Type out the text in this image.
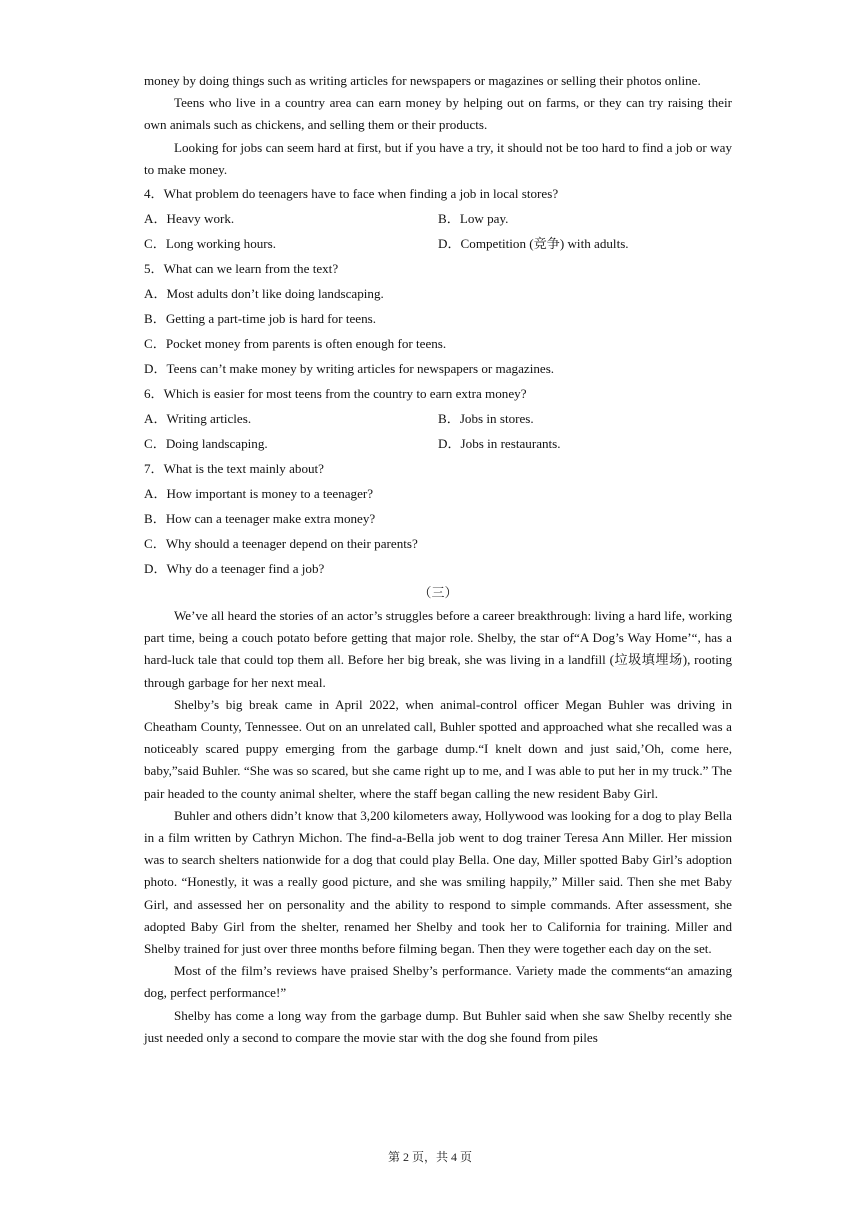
money by doing things such as writing articles for newspapers or magazines or selling their photos online.

Teens who live in a country area can earn money by helping out on farms, or they can try raising their own animals such as chickens, and selling them or their products.

Looking for jobs can seem hard at first, but if you have a try, it should not be too hard to find a job or way to make money.

4．What problem do teenagers have to face when finding a job in local stores?

A．Heavy work.	B．Low pay.
C．Long working hours.	D．Competition (竞争) with adults.

5．What can we learn from the text?

A．Most adults don’t like doing landscaping.

B．Getting a part-time job is hard for teens.

C．Pocket money from parents is often enough for teens.

D．Teens can’t make money by writing articles for newspapers or magazines.

6．Which is easier for most teens from the country to earn extra money?

A．Writing articles.	B．Jobs in stores.
C．Doing landscaping.	D．Jobs in restaurants.

7．What is the text mainly about?

A．How important is money to a teenager?

B．How can a teenager make extra money?

C．Why should a teenager depend on their parents?

D．Why do a teenager find a job?

（三）

We’ve all heard the stories of an actor’s struggles before a career breakthrough: living a hard life, working part time, being a couch potato before getting that major role. Shelby, the star of“A Dog’s Way Home’“, has a hard-luck tale that could top them all. Before her big break, she was living in a landfill (垃圾填埋场), rooting through garbage for her next meal.

Shelby’s big break came in April 2022, when animal-control officer Megan Buhler was driving in Cheatham County, Tennessee. Out on an unrelated call, Buhler spotted and approached what she recalled was a noticeably scared puppy emerging from the garbage dump.“I knelt down and just said,’Oh, come here, baby,”said Buhler. “She was so scared, but she came right up to me, and I was able to put her in my truck.” The pair headed to the county animal shelter, where the staff began calling the new resident Baby Girl.

Buhler and others didn’t know that 3,200 kilometers away, Hollywood was looking for a dog to play Bella in a film written by Cathryn Michon. The find-a-Bella job went to dog trainer Teresa Ann Miller. Her mission was to search shelters nationwide for a dog that could play Bella. One day, Miller spotted Baby Girl’s adoption photo. “Honestly, it was a really good picture, and she was smiling happily,” Miller said. Then she met Baby Girl, and assessed her on personality and the ability to respond to simple commands. After assessment, she adopted Baby Girl from the shelter, renamed her Shelby and took her to California for training. Miller and Shelby trained for just over three months before filming began. Then they were together each day on the set.

Most of the film’s reviews have praised Shelby’s performance. Variety made the comments“an amazing dog, perfect performance!”

Shelby has come a long way from the garbage dump. But Buhler said when she saw Shelby recently she just needed only a second to compare the movie star with the dog she found from piles

第 2 页，共 4 页
